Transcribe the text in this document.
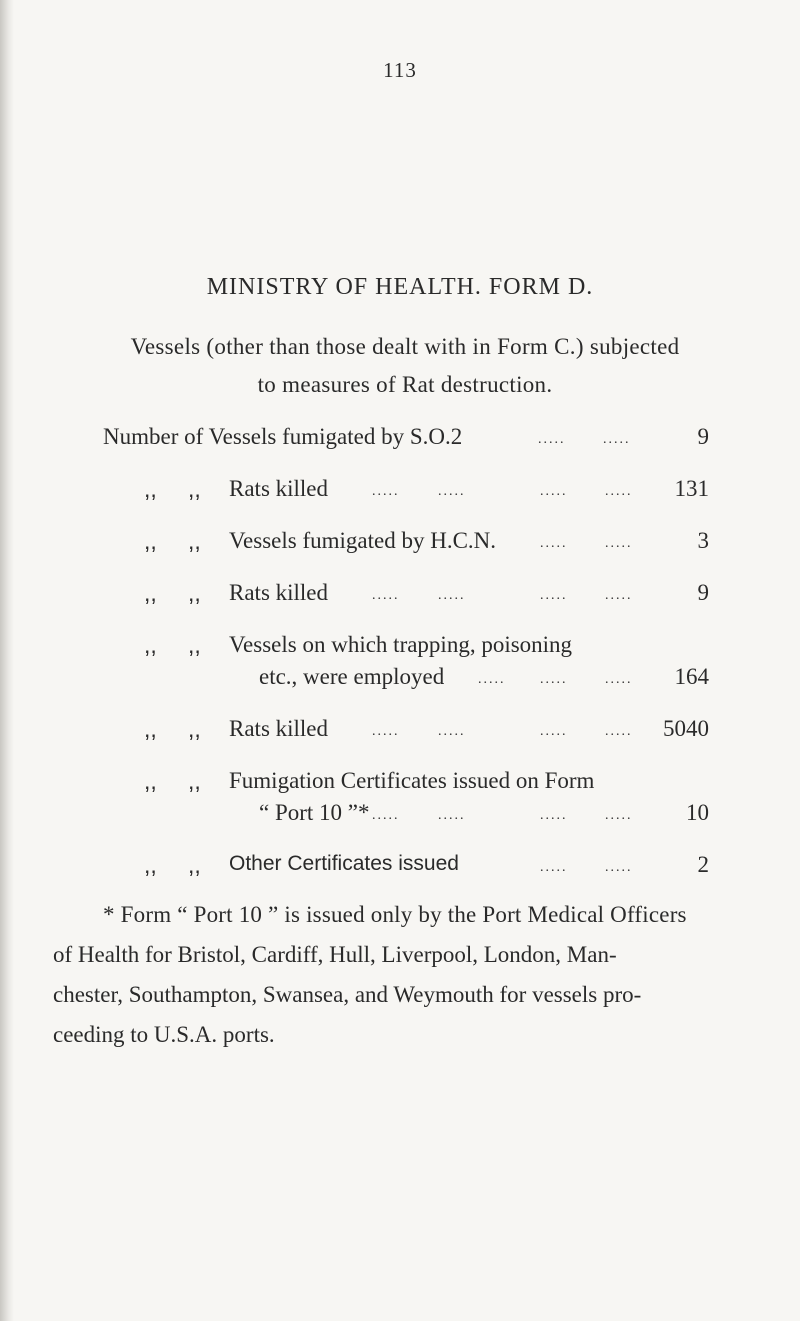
113
MINISTRY OF HEALTH. FORM D.
Vessels (other than those dealt with in Form C.) subjected
to measures of Rat destruction.
Number of Vessels fumigated by S.O.2	.....	.....	9
,, ,, Rats killed	.....	.....	.....	..... 131
,, ,, Vessels fumigated by H.C.N.	.....	.....	3
,, ,, Rats killed	.....	.....	.....	.....	9
,, ,, Vessels on which trapping, poisoning
etc., were employed ..... .....	..... 164
,, ,, Rats killed	.....	.....	.....	..... 5040
,, ,, Fumigation Certificates issued on Form
“ Port 10 ”* .....	.....	.....	..... 10
,, ,, Other Certificates issued	.....	.....	2
* Form “ Port 10 ” is issued only by the Port Medical Officers
of Health for Bristol, Cardiff, Hull, Liverpool, London, Man-
chester, Southampton, Swansea, and Weymouth for vessels pro-
ceeding to U.S.A. ports.
